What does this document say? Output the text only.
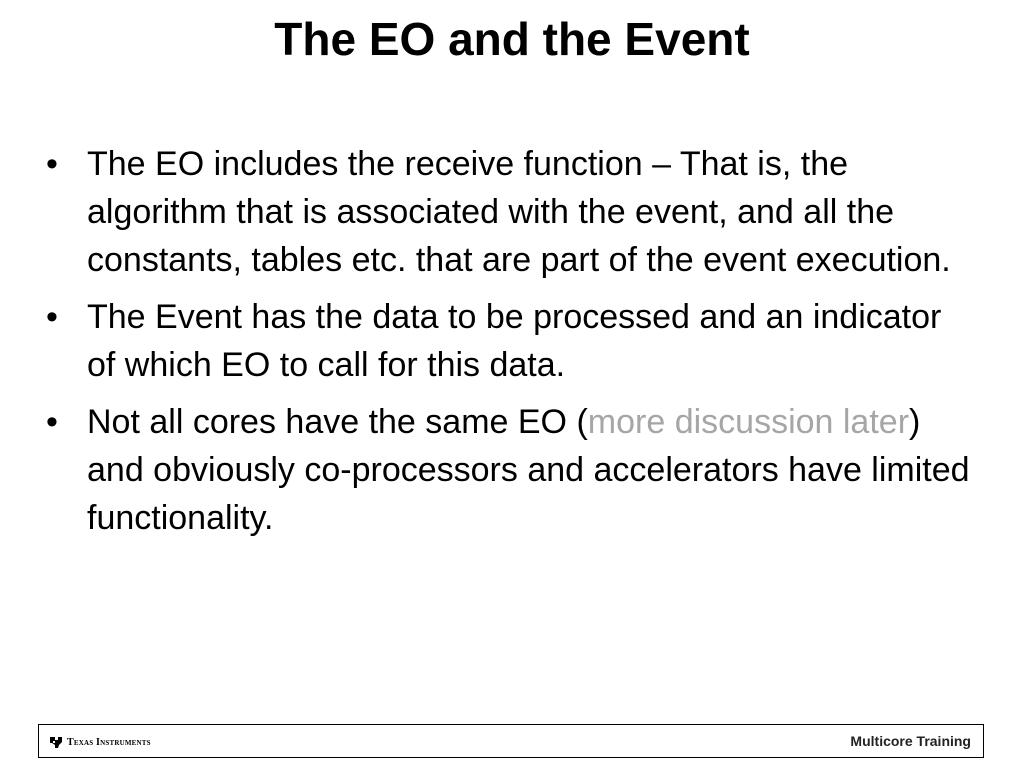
The EO and the Event
• The EO includes the receive function – That is, the algorithm that is associated with the event, and all the constants, tables etc. that are part of the event execution.
• The Event has the data to be processed and an indicator of which EO to call for this data.
• Not all cores have the same EO (more discussion later) and obviously co-processors and accelerators have limited functionality.
Texas Instruments	Multicore Training
